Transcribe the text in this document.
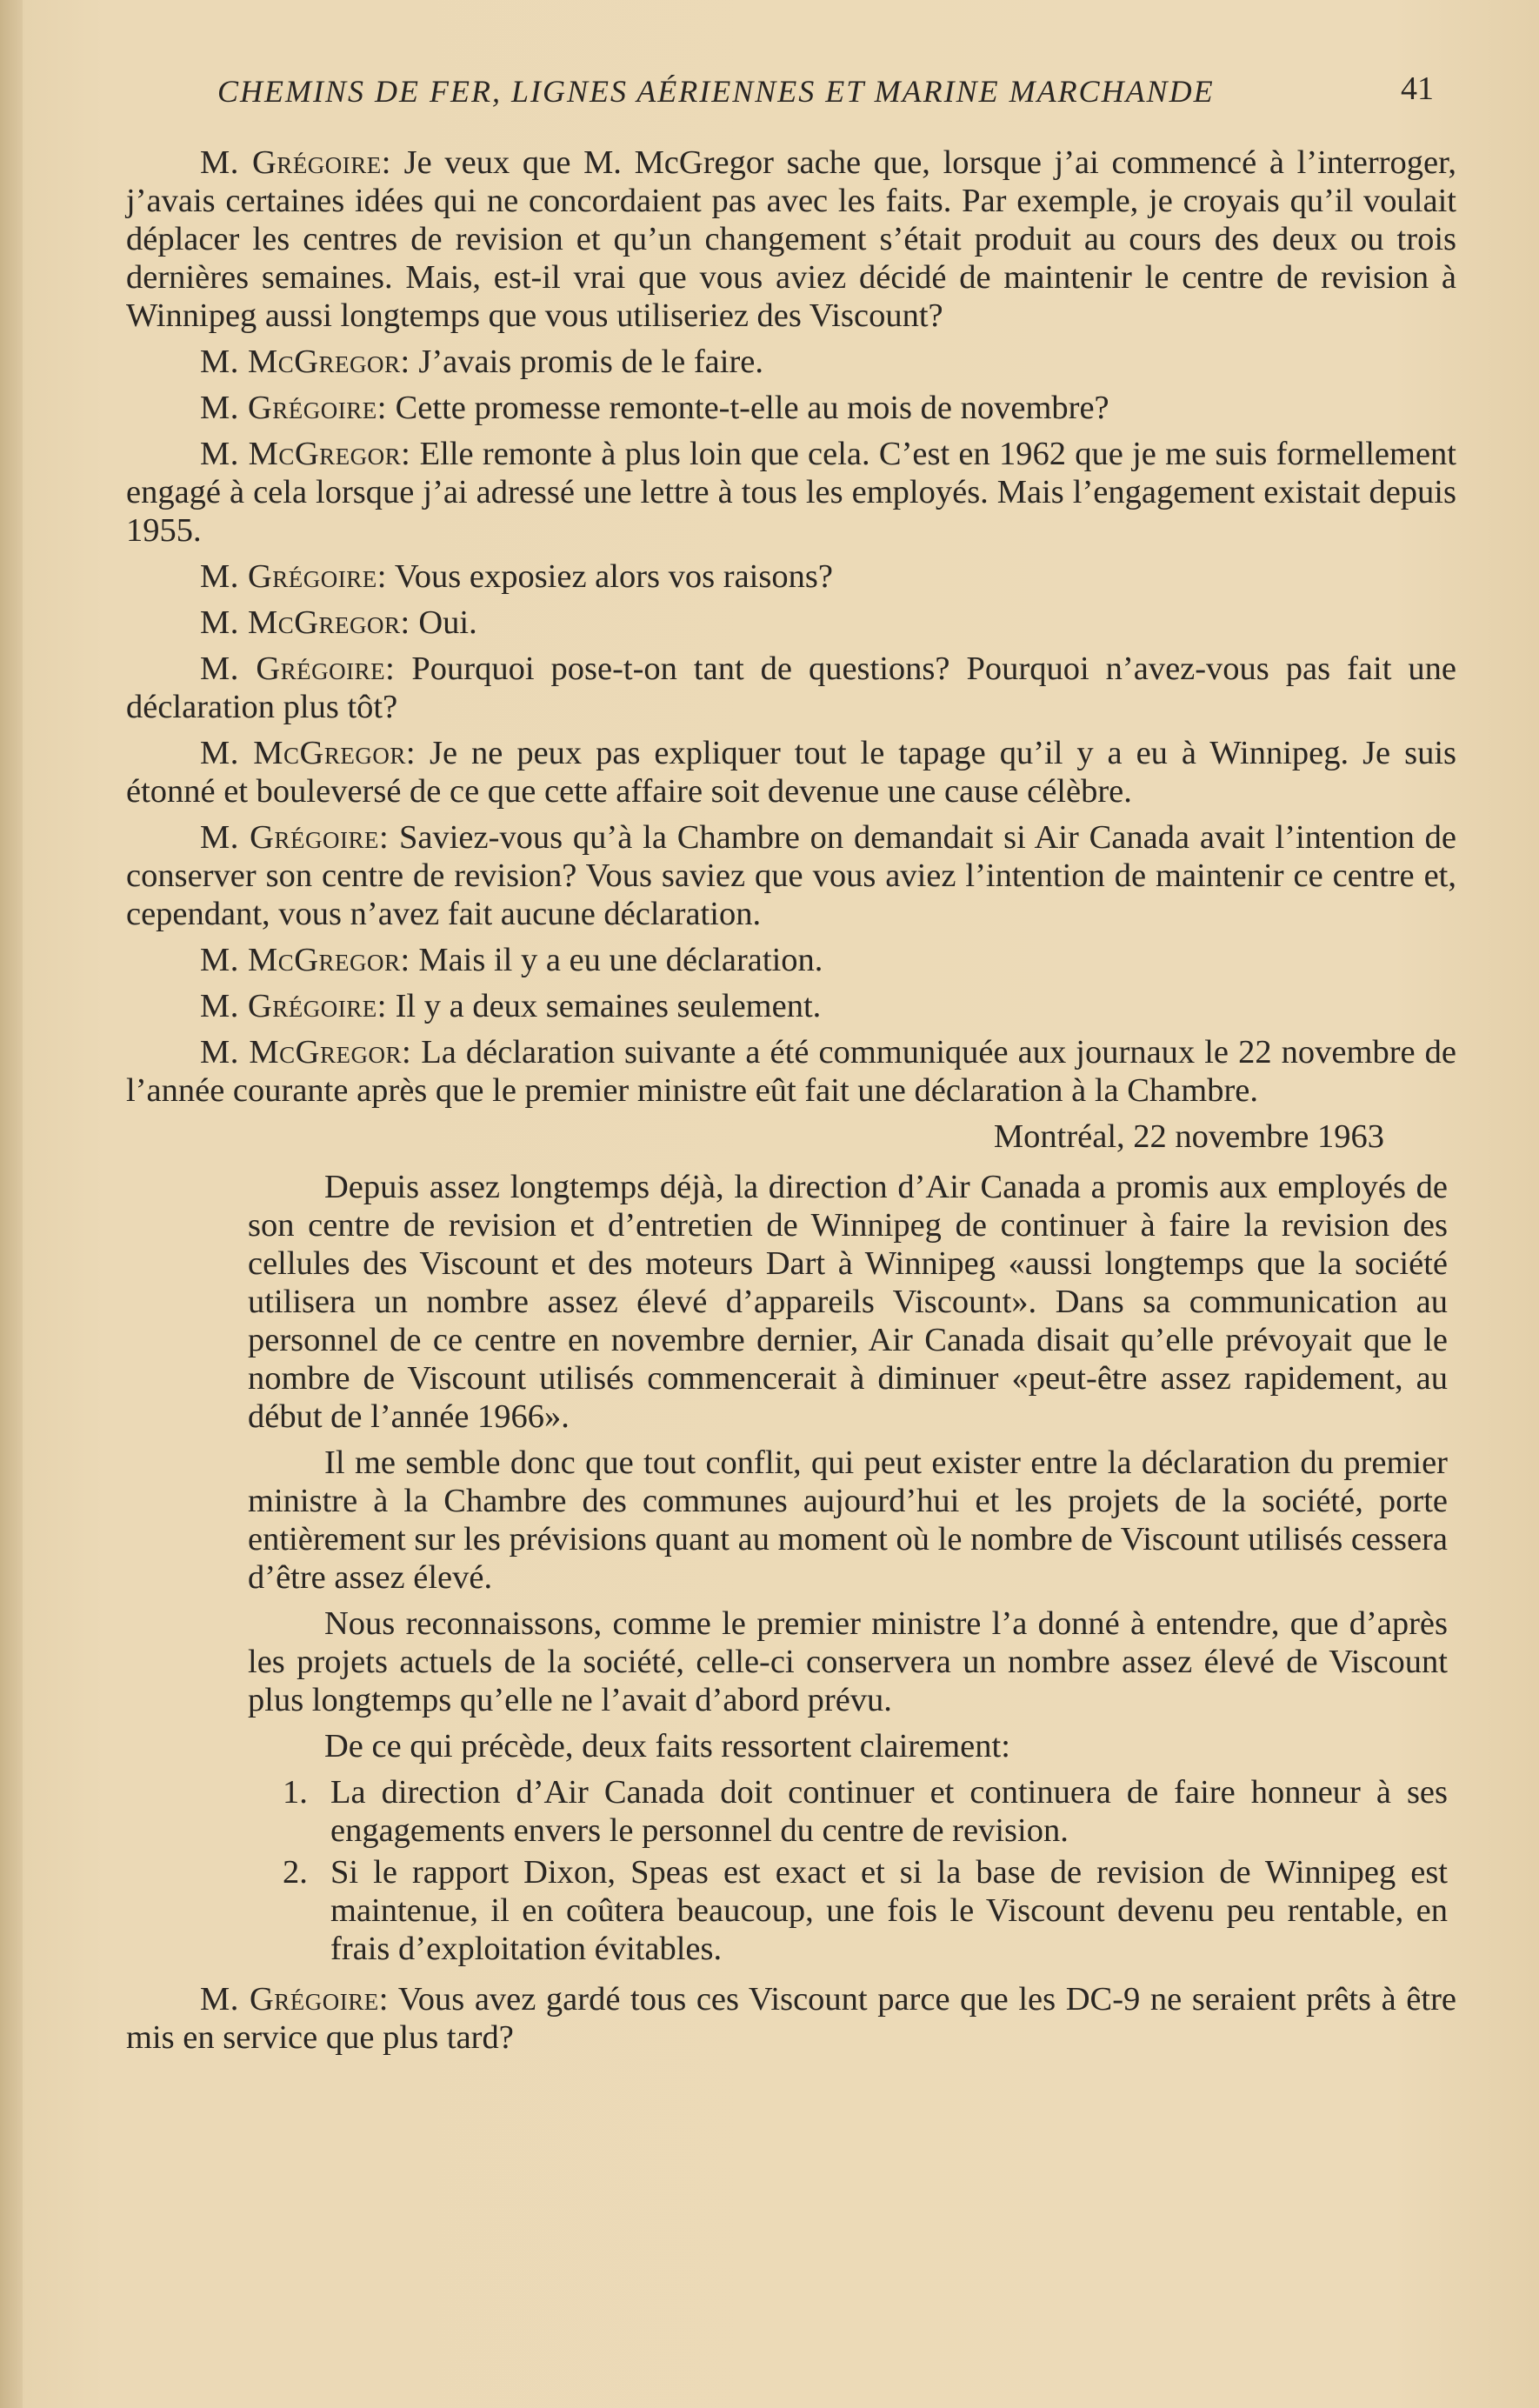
CHEMINS DE FER, LIGNES AÉRIENNES ET MARINE MARCHANDE	41

M. Grégoire: Je veux que M. McGregor sache que, lorsque j’ai commencé à l’interroger, j’avais certaines idées qui ne concordaient pas avec les faits. Par exemple, je croyais qu’il voulait déplacer les centres de revision et qu’un changement s’était produit au cours des deux ou trois dernières semaines. Mais, est-il vrai que vous aviez décidé de maintenir le centre de revision à Winnipeg aussi longtemps que vous utiliseriez des Viscount?

M. McGregor: J’avais promis de le faire.

M. Grégoire: Cette promesse remonte-t-elle au mois de novembre?

M. McGregor: Elle remonte à plus loin que cela. C’est en 1962 que je me suis formellement engagé à cela lorsque j’ai adressé une lettre à tous les employés. Mais l’engagement existait depuis 1955.

M. Grégoire: Vous exposiez alors vos raisons?

M. McGregor: Oui.

M. Grégoire: Pourquoi pose-t-on tant de questions? Pourquoi n’avez-vous pas fait une déclaration plus tôt?

M. McGregor: Je ne peux pas expliquer tout le tapage qu’il y a eu à Winnipeg. Je suis étonné et bouleversé de ce que cette affaire soit devenue une cause célèbre.

M. Grégoire: Saviez-vous qu’à la Chambre on demandait si Air Canada avait l’intention de conserver son centre de revision? Vous saviez que vous aviez l’intention de maintenir ce centre et, cependant, vous n’avez fait aucune déclaration.

M. McGregor: Mais il y a eu une déclaration.

M. Grégoire: Il y a deux semaines seulement.

M. McGregor: La déclaration suivante a été communiquée aux journaux le 22 novembre de l’année courante après que le premier ministre eût fait une déclaration à la Chambre.

Montréal, 22 novembre 1963

Depuis assez longtemps déjà, la direction d’Air Canada a promis aux employés de son centre de revision et d’entretien de Winnipeg de continuer à faire la revision des cellules des Viscount et des moteurs Dart à Winnipeg «aussi longtemps que la société utilisera un nombre assez élevé d’appareils Viscount». Dans sa communication au personnel de ce centre en novembre dernier, Air Canada disait qu’elle prévoyait que le nombre de Viscount utilisés commencerait à diminuer «peut-être assez rapidement, au début de l’année 1966».

Il me semble donc que tout conflit, qui peut exister entre la déclaration du premier ministre à la Chambre des communes aujourd’hui et les projets de la société, porte entièrement sur les prévisions quant au moment où le nombre de Viscount utilisés cessera d’être assez élevé.

Nous reconnaissons, comme le premier ministre l’a donné à entendre, que d’après les projets actuels de la société, celle-ci conservera un nombre assez élevé de Viscount plus longtemps qu’elle ne l’avait d’abord prévu.

De ce qui précède, deux faits ressortent clairement:

1. La direction d’Air Canada doit continuer et continuera de faire honneur à ses engagements envers le personnel du centre de revision.
2. Si le rapport Dixon, Speas est exact et si la base de revision de Winnipeg est maintenue, il en coûtera beaucoup, une fois le Viscount devenu peu rentable, en frais d’exploitation évitables.

M. Grégoire: Vous avez gardé tous ces Viscount parce que les DC-9 ne seraient prêts à être mis en service que plus tard?
